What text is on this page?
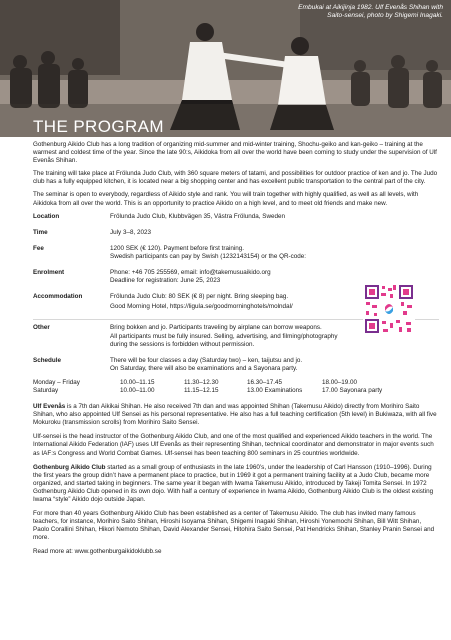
Embukai at Aikijinja 1982. Ulf Evenås Shihan with Saito-sensei, photo by Shigemi Inagaki.
THE PROGRAM

Gothenburg Aikido Club has a long tradition of organizing mid-summer and mid-winter training, Shochu-geiko and kan-geiko – training at the warmest and coldest time of the year. Since the late 90:s, Aikidoka from all over the world have been coming to study under the supervision of Ulf Evenås Shihan.

The training will take place at Frölunda Judo Club, with 360 square meters of tatami, and possibilities for outdoor practice of ken and jo. The Judo club has a fully equipped kitchen, it is located near a big shopping center and has excellent public transportation to the central part of the city.

The seminar is open to everybody, regardless of Aikido style and rank. You will train together with highly qualified, as well as all levels, with Aikidoka from all over the world. This is an opportunity to practice Aikido on a high level, and to meet old friends and make new.

Location	Frölunda Judo Club, Klubbvägen 35, Västra Frölunda, Sweden
Time	July 3–8, 2023
Fee	1200 SEK (€ 120). Payment before first training.
Swedish participants can pay by Swish (1232143154) or the QR-code:

Enrolment	Phone: +46 705 255569, email: info@takemusuaikido.org
Deadline for registration: June 25, 2023

Accommodation	Frölunda Judo Club: 80 SEK (€ 8) per night. Bring sleeping bag.
Good Morning Hotel, https://ligula.se/goodmorninghotels/molndal/

Other	Bring bokken and jo. Participants traveling by airplane can borrow weapons.
All participants must be fully insured. Selling, advertising, and filming/photography
during the sessions is forbidden without permission.

Schedule	There will be four classes a day (Saturday two) – ken, taijutsu and jo.
On Saturday, there will also be examinations and a Sayonara party.
Monday – Friday	10.00–11.15	11.30–12.30	16.30–17.45	18.00–19.00
Saturday	10.00–11.00	11.15–12.15	13.00 Examinations	17.00 Sayonara party

Ulf Evenås is a 7th dan Aikikai Shihan. He also received 7th dan and was appointed Shihan (Takemusu Aikido) directly from Morihiro Saito Shihan, who also appointed Ulf Sensei as his personal representative. He also has a full teaching certification (5th level) in Bukiwaza, with all five Mokuroku (transmission scrolls) from Morihiro Saito Sensei.

Ulf-sensei is the head instructor of the Gothenburg Aikido Club, and one of the most qualified and experienced Aikido teachers in the world. The International Aikido Federation (IAF) uses Ulf Evenås as their representing Shihan, technical coordinator and demonstrator in major events such as IAF:s Congress and World Combat Games. Ulf-sensei has been teaching 800 seminars in 25 countries worldwide.

Gothenburg Aikido Club started as a small group of enthusiasts in the late 1960’s, under the leadership of Carl Hansson (1910–1996). During the first years the group didn’t have a permanent place to practice, but in 1969 it got a permanent training facility at a Judo Club, became more organized, and started taking in beginners. The same year it began with Iwama Takemusu Aikido, introduced by Takeji Tomita Sensei. In 1972 Gothenburg Aikido Club opened in its own dojo. With half a century of experience in Iwama Aikido, Gothenburg Aikido Club is the oldest existing Iwama “style” Aikido dojo outside Japan.

For more than 40 years Gothenburg Aikido Club has been established as a center of Takemusu Aikido. The club has invited many famous teachers, for instance, Morihiro Saito Shihan, Hiroshi Isoyama Shihan, Shigemi Inagaki Shihan, Hiroshi Yonemochi Shihan, Bill Witt Shihan, Paolo Corallini Shihan, Hikori Nemoto Shihan, David Alexander Sensei, Hitohira Saito Sensei, Pat Hendricks Shihan, Stanley Pranin Sensei and more.

Read more at: www.gothenburgaikidoklubb.se
